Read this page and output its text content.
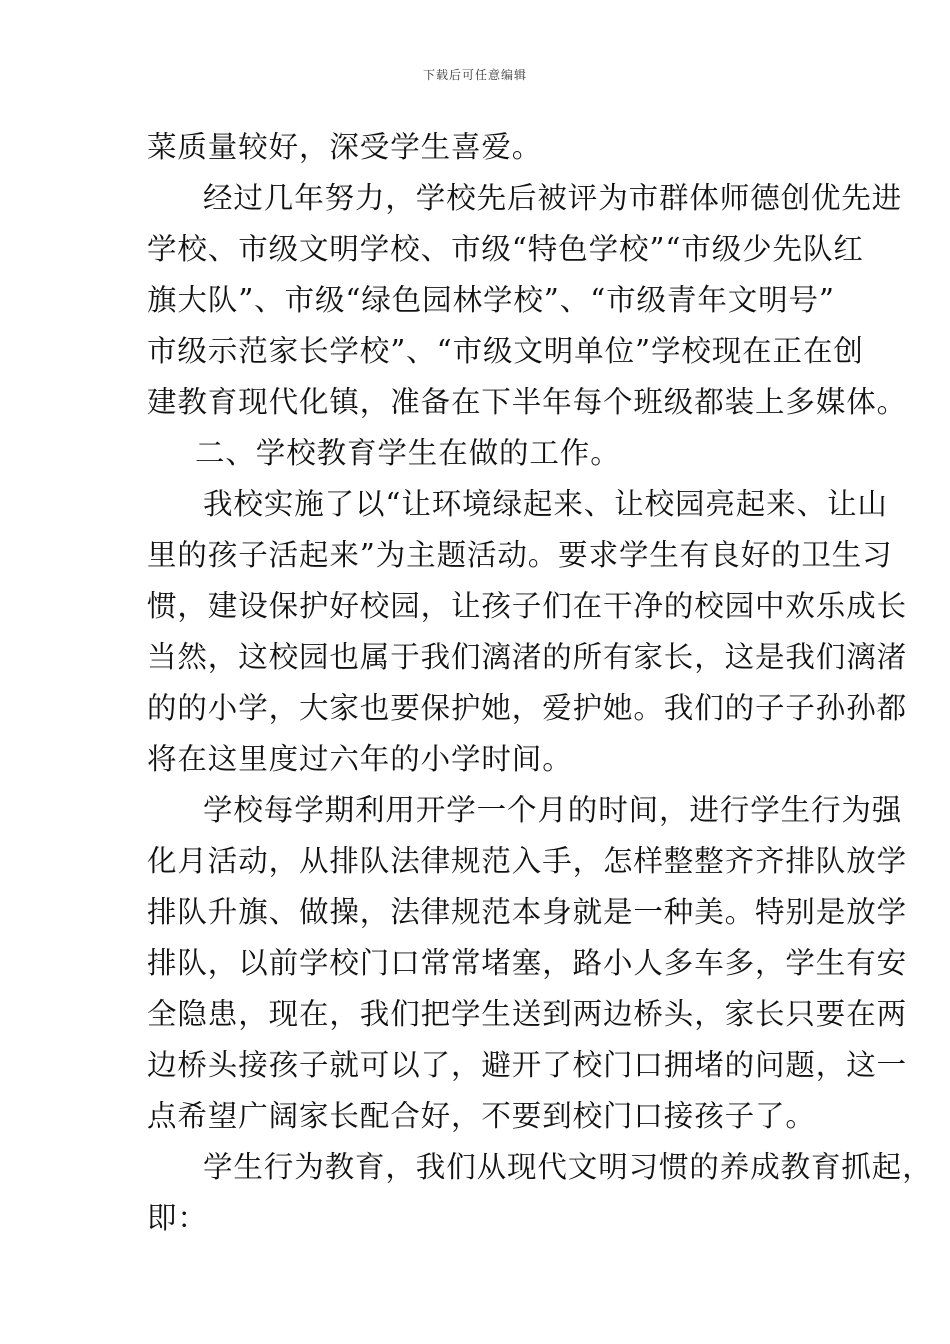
下载后可任意编辑
菜质量较好，深受学生喜爱。
经过几年努力，学校先后被评为市群体师德创优先进
学校、市级文明学校、市级“特色学校”“市级少先队红
旗大队”、市级“绿色园林学校”、“市级青年文明号”
市级示范家长学校”、“市级文明单位”学校现在正在创
建教育现代化镇，准备在下半年每个班级都装上多媒体。
二、学校教育学生在做的工作。
我校实施了以“让环境绿起来、让校园亮起来、让山
里的孩子活起来”为主题活动。要求学生有良好的卫生习
惯，建设保护好校园，让孩子们在干净的校园中欢乐成长
当然，这校园也属于我们漓渚的所有家长，这是我们漓渚
的的小学，大家也要保护她，爱护她。我们的子子孙孙都
将在这里度过六年的小学时间。
学校每学期利用开学一个月的时间，进行学生行为强
化月活动，从排队法律规范入手，怎样整整齐齐排队放学
排队升旗、做操，法律规范本身就是一种美。特别是放学
排队，以前学校门口常常堵塞，路小人多车多，学生有安
全隐患，现在，我们把学生送到两边桥头，家长只要在两
边桥头接孩子就可以了，避开了校门口拥堵的问题，这一
点希望广阔家长配合好，不要到校门口接孩子了。
学生行为教育，我们从现代文明习惯的养成教育抓起，
即：
